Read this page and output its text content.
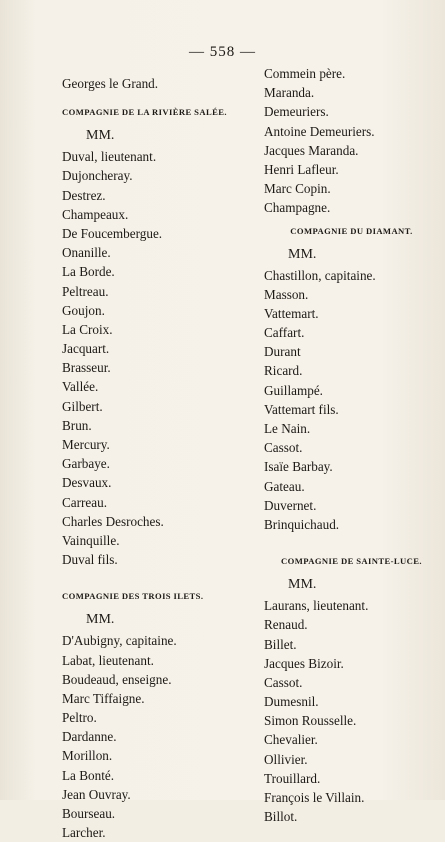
— 558 —
Georges le Grand.
COMPAGNIE DE LA RIVIÈRE SALÉE.
MM.
Duval, lieutenant.
Dujoncheray.
Destrez.
Champeaux.
De Foucembergue.
Onanille.
La Borde.
Peltreau.
Goujon.
La Croix.
Jacquart.
Brasseur.
Vallée.
Gilbert.
Brun.
Mercury.
Garbaye.
Desvaux.
Carreau.
Charles Desroches.
Vainquille.
Duval fils.
COMPAGNIE DES TROIS ILETS.
MM.
D'Aubigny, capitaine.
Labat, lieutenant.
Boudeaud, enseigne.
Marc Tiffaigne.
Peltro.
Dardanne.
Morillon.
La Bonté.
Jean Ouvray.
Bourseau.
Larcher.
Commein père.
Maranda.
Demeuriers.
Antoine Demeuriers.
Jacques Maranda.
Henri Lafleur.
Marc Copin.
Champagne.
COMPAGNIE DU DIAMANT.
MM.
Chastillon, capitaine.
Masson.
Vattemart.
Caffart.
Durant
Ricard.
Guillampé.
Vattemart fils.
Le Nain.
Cassot.
Isaïe Barbay.
Gateau.
Duvernet.
Brinquichaud.
COMPAGNIE DE SAINTE-LUCE.
MM.
Laurans, lieutenant.
Renaud.
Billet.
Jacques Bizoir.
Cassot.
Dumesnil.
Simon Rousselle.
Chevalier.
Ollivier.
Trouillard.
François le Villain.
Billot.
